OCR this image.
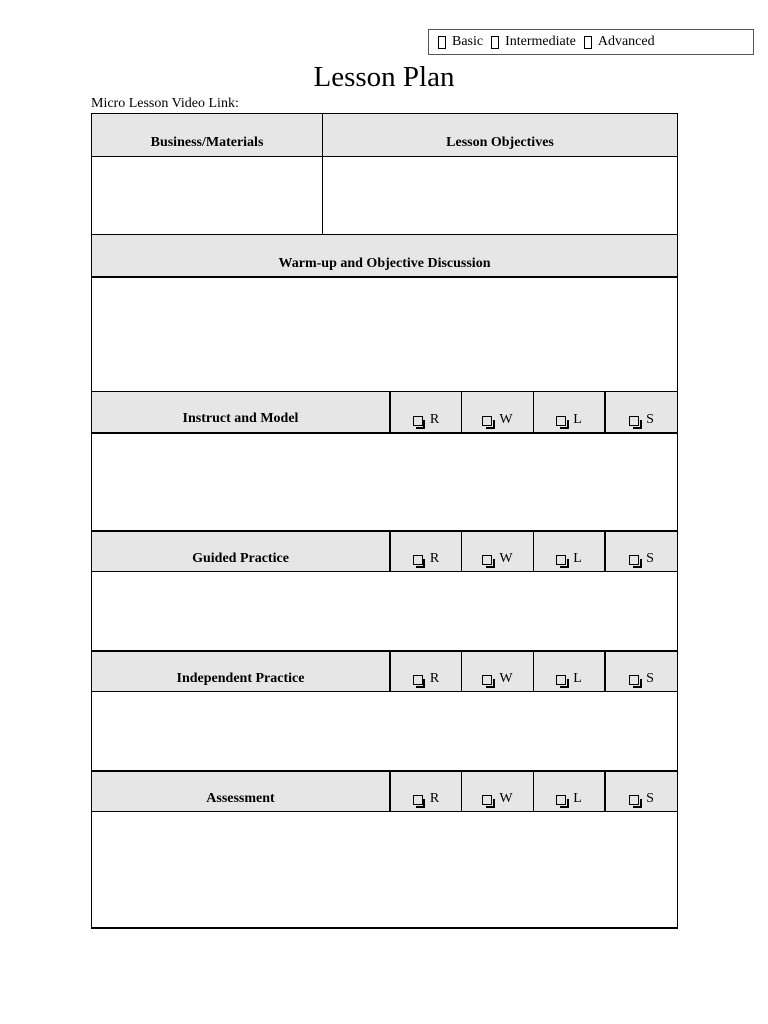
Basic Intermediate Advanced
Lesson Plan
Micro Lesson Video Link:
Business/Materials	Lesson Objectives
Warm-up and Objective Discussion
Instruct and Model	R	W	L	S
Guided Practice	R	W	L	S
Independent Practice	R	W	L	S
Assessment	R	W	L	S
